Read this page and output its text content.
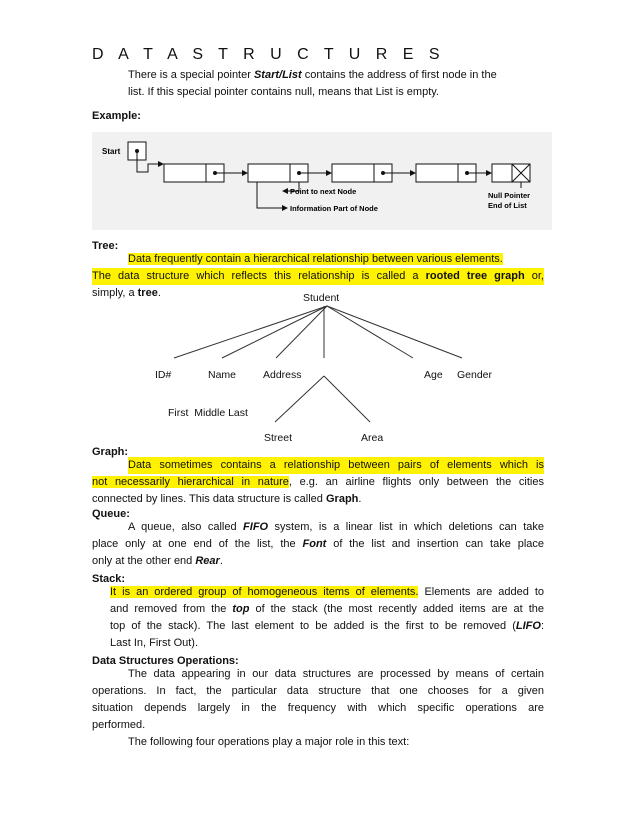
D A T A S T R U C T U R E S
There is a special pointer Start/List contains the address of first node in the
list. If this special pointer contains null, means that List is empty.
Example:
Start
Point to next Node
Information Part of Node
Null Pointer
End of List
Tree:
Data frequently contain a hierarchical relationship between various elements.
The data structure which reflects this relationship is called a rooted tree graph or,
simply, a tree.	Student
ID#	Name	Address	Age Gender
First  Middle Last
Street	Area
Graph:
Data sometimes contains a relationship between pairs of elements which is
not necessarily hierarchical in nature, e.g. an airline flights only between the cities
connected by lines. This data structure is called Graph.
Queue:
A queue, also called FIFO system, is a linear list in which deletions can take
place only at one end of the list, the Font of the list and insertion can take place
only at the other end Rear.
Stack:
It is an ordered group of homogeneous items of elements. Elements are added to
and removed from the top of the stack (the most recently added items are at the
top of the stack). The last element to be added is the first to be removed (LIFO:
Last In, First Out).
Data Structures Operations:
The data appearing in our data structures are processed by means of certain
operations. In fact, the particular data structure that one chooses for a given
situation depends largely in the frequency with which specific operations are
performed.
The following four operations play a major role in this text:
